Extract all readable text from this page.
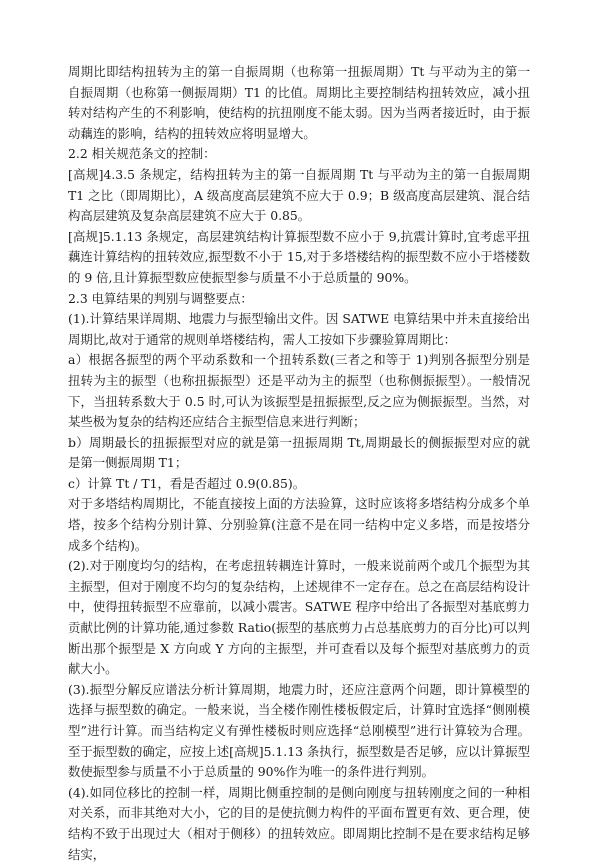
周期比即结构扭转为主的第一自振周期（也称第一扭振周期）Tt 与平动为主的第一自振周期（也称第一侧振周期）T1 的比值。周期比主要控制结构扭转效应，减小扭转对结构产生的不利影响，使结构的抗扭刚度不能太弱。因为当两者接近时，由于振动藕连的影响，结构的扭转效应将明显增大。

2.2 相关规范条文的控制：

[高规]4.3.5 条规定，结构扭转为主的第一自振周期 Tt 与平动为主的第一自振周期 T1 之比（即周期比），A 级高度高层建筑不应大于 0.9；B 级高度高层建筑、混合结构高层建筑及复杂高层建筑不应大于 0.85。

[高规]5.1.13 条规定，高层建筑结构计算振型数不应小于 9,抗震计算时,宜考虑平扭藕连计算结构的扭转效应,振型数不小于 15,对于多塔楼结构的振型数不应小于塔楼数的 9 倍,且计算振型数应使振型参与质量不小于总质量的 90%。

2.3 电算结果的判别与调整要点：

(1).计算结果详周期、地震力与振型输出文件。因 SATWE 电算结果中并未直接给出周期比,故对于通常的规则单塔楼结构，需人工按如下步骤验算周期比：

a）根据各振型的两个平动系数和一个扭转系数(三者之和等于 1)判别各振型分别是扭转为主的振型（也称扭振振型）还是平动为主的振型（也称侧振振型）。一般情况下，当扭转系数大于 0.5 时,可认为该振型是扭振振型,反之应为侧振振型。当然，对某些极为复杂的结构还应结合主振型信息来进行判断；

b）周期最长的扭振振型对应的就是第一扭振周期 Tt,周期最长的侧振振型对应的就是第一侧振周期 T1；

c）计算 Tt / T1，看是否超过 0.9(0.85)。

对于多塔结构周期比，不能直接按上面的方法验算，这时应该将多塔结构分成多个单塔，按多个结构分别计算、分别验算(注意不是在同一结构中定义多塔，而是按塔分成多个结构)。

(2).对于刚度均匀的结构，在考虑扭转耦连计算时，一般来说前两个或几个振型为其主振型，但对于刚度不均匀的复杂结构，上述规律不一定存在。总之在高层结构设计中，使得扭转振型不应靠前，以减小震害。SATWE 程序中给出了各振型对基底剪力贡献比例的计算功能,通过参数 Ratio(振型的基底剪力占总基底剪力的百分比)可以判断出那个振型是 X 方向或 Y 方向的主振型，并可查看以及每个振型对基底剪力的贡献大小。

(3).振型分解反应谱法分析计算周期，地震力时，还应注意两个问题，即计算模型的选择与振型数的确定。一般来说，当全楼作刚性楼板假定后，计算时宜选择“侧刚模型”进行计算。而当结构定义有弹性楼板时则应选择“总刚模型”进行计算较为合理。至于振型数的确定，应按上述[高规]5.1.13 条执行，振型数是否足够，应以计算振型数使振型参与质量不小于总质量的 90%作为唯一的条件进行判别。

(4).如同位移比的控制一样，周期比侧重控制的是侧向刚度与扭转刚度之间的一种相对关系，而非其绝对大小，它的目的是使抗侧力构件的平面布置更有效、更合理，使结构不致于出现过大（相对于侧移）的扭转效应。即周期比控制不是在要求结构足够结实，
